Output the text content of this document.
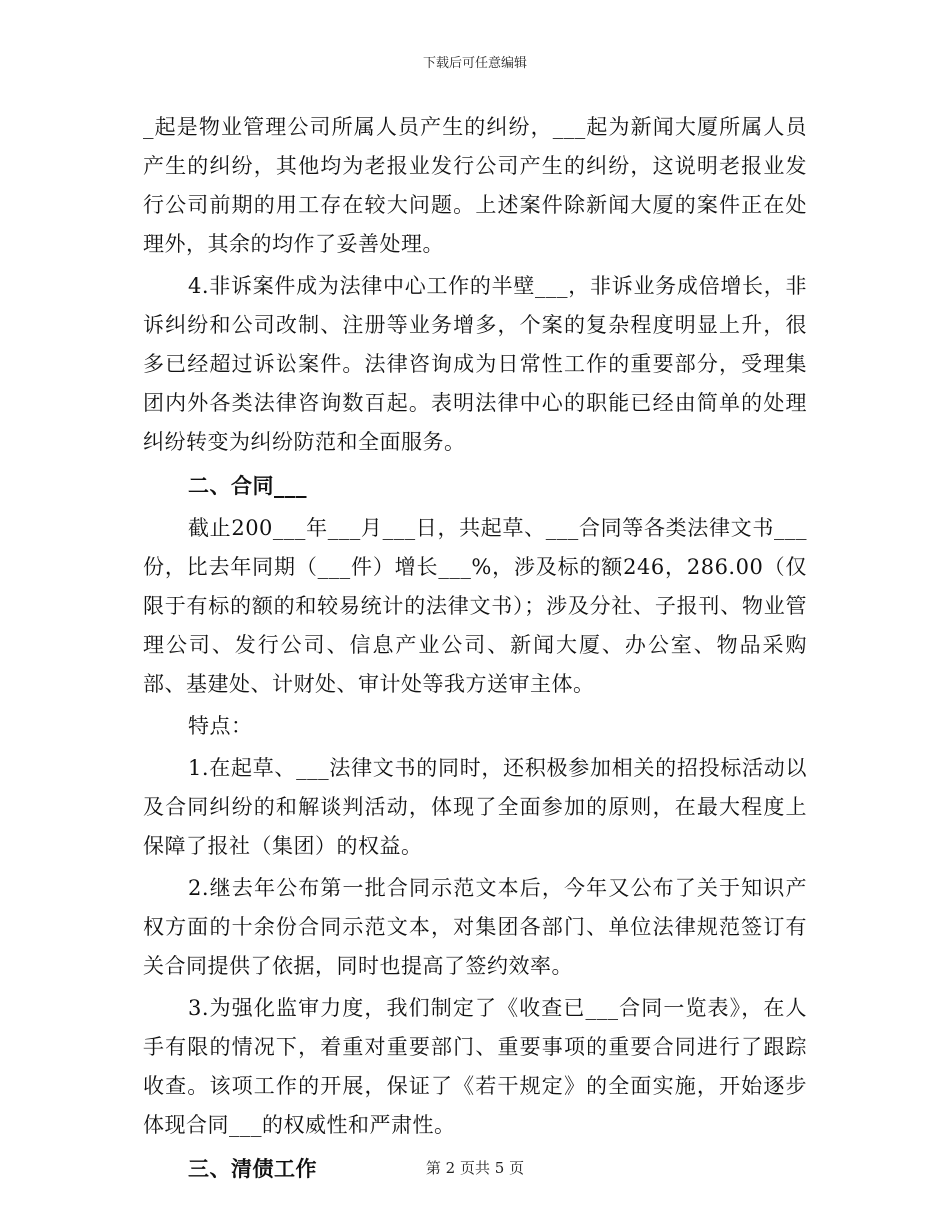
下载后可任意编辑

_起是物业管理公司所属人员产生的纠纷，___起为新闻大厦所属人员产生的纠纷，其他均为老报业发行公司产生的纠纷，这说明老报业发行公司前期的用工存在较大问题。上述案件除新闻大厦的案件正在处理外，其余的均作了妥善处理。

4.非诉案件成为法律中心工作的半壁___，非诉业务成倍增长，非诉纠纷和公司改制、注册等业务增多，个案的复杂程度明显上升，很多已经超过诉讼案件。法律咨询成为日常性工作的重要部分，受理集团内外各类法律咨询数百起。表明法律中心的职能已经由简单的处理纠纷转变为纠纷防范和全面服务。

二、合同___

截止200___年___月___日，共起草、___合同等各类法律文书___份，比去年同期（___件）增长___%，涉及标的额246，286.00（仅限于有标的额的和较易统计的法律文书）；涉及分社、子报刊、物业管理公司、发行公司、信息产业公司、新闻大厦、办公室、物品采购部、基建处、计财处、审计处等我方送审主体。

特点：

1.在起草、___法律文书的同时，还积极参加相关的招投标活动以及合同纠纷的和解谈判活动，体现了全面参加的原则，在最大程度上保障了报社（集团）的权益。

2.继去年公布第一批合同示范文本后，今年又公布了关于知识产权方面的十余份合同示范文本，对集团各部门、单位法律规范签订有关合同提供了依据，同时也提高了签约效率。

3.为强化监审力度，我们制定了《收查已___合同一览表》，在人手有限的情况下，着重对重要部门、重要事项的重要合同进行了跟踪收查。该项工作的开展，保证了《若干规定》的全面实施，开始逐步体现合同___的权威性和严肃性。

三、清债工作	第 2 页共 5 页
